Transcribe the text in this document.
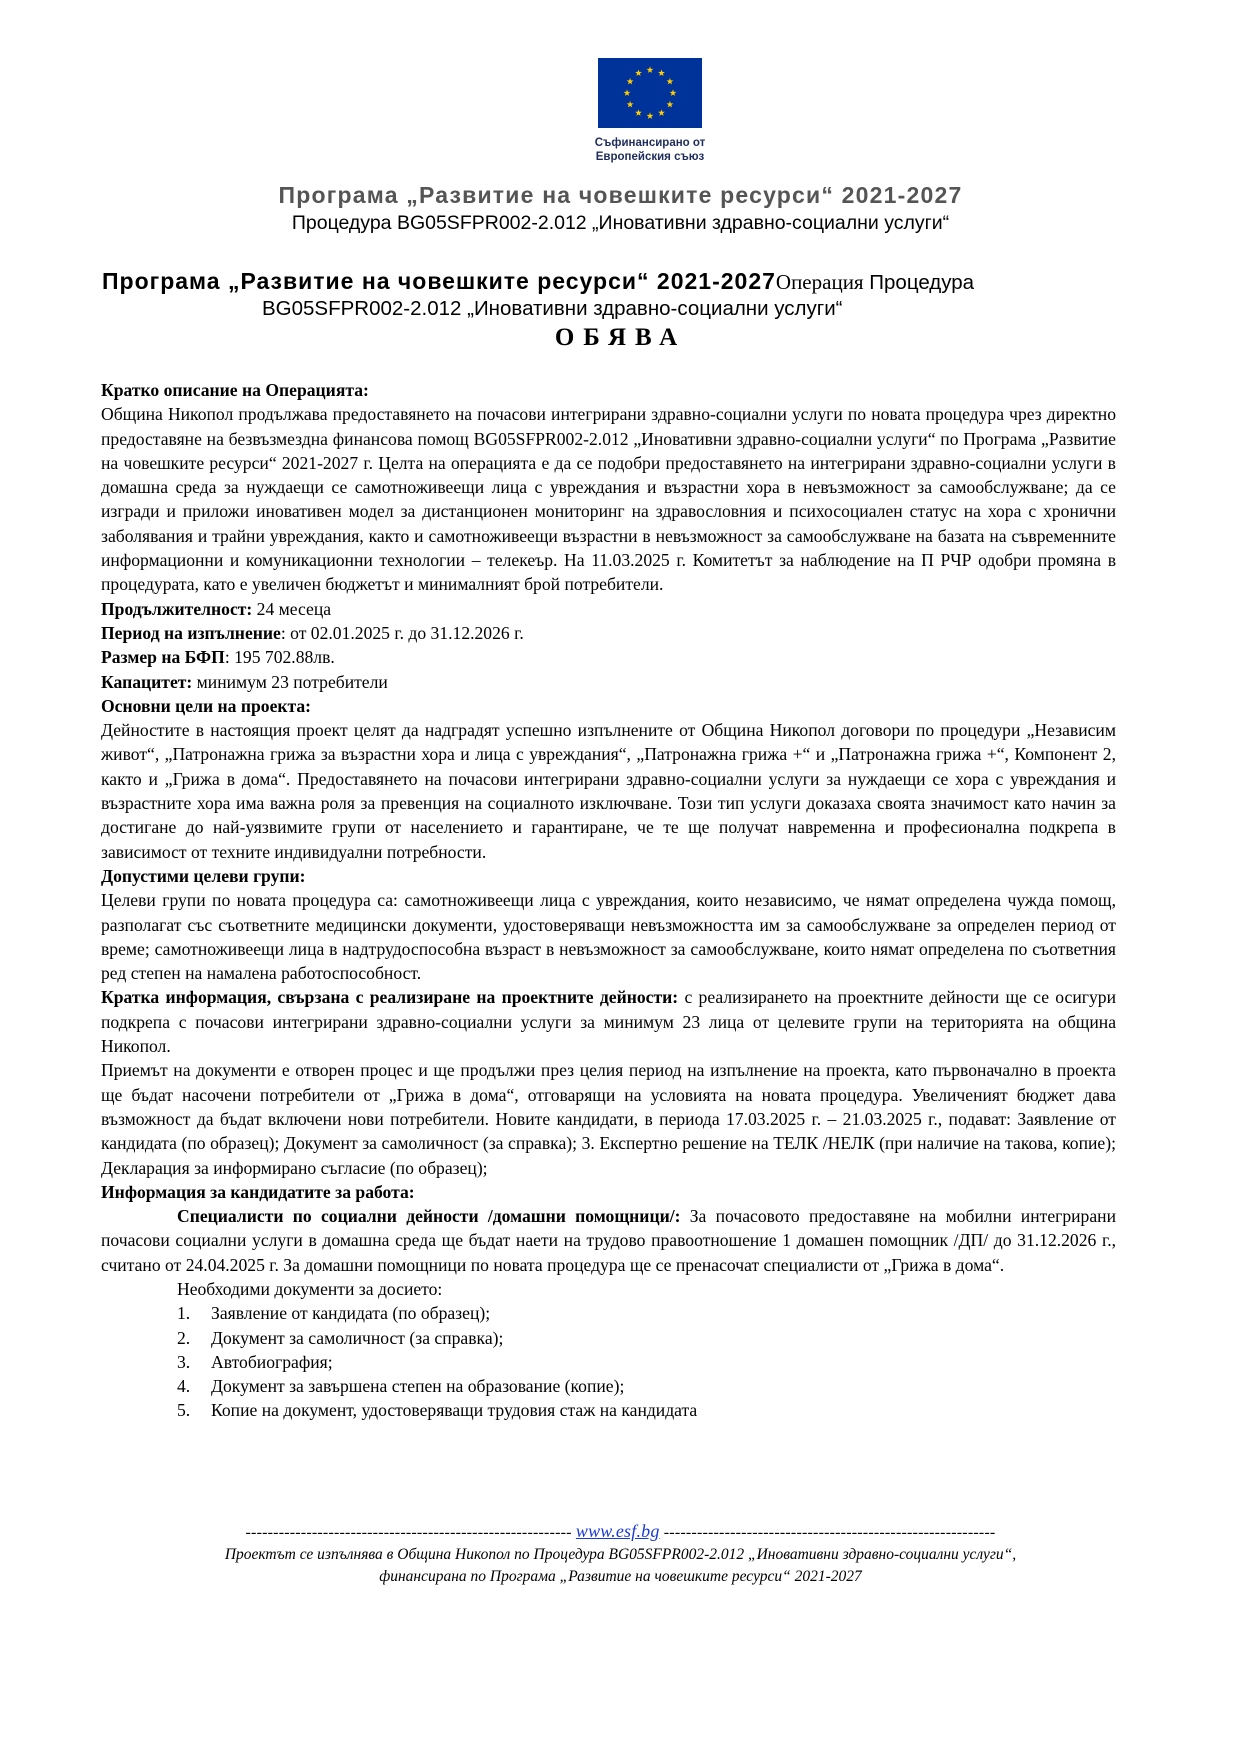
Съфинансирано от
Европейския съюз
Програма „Развитие на човешките ресурси“ 2021-2027
Процедура BG05SFPR002-2.012 „Иновативни здравно-социални услуги“
Програма „Развитие на човешките ресурси“ 2021-2027Операция Процедура
BG05SFPR002-2.012 „Иновативни здравно-социални услуги“
ОБЯВА

Кратко описание на Операцията:

Община Никопол продължава предоставянето на почасови интегрирани здравно-социални услуги по новата процедура чрез директно предоставяне на безвъзмездна финансова помощ BG05SFPR002-2.012 „Иновативни здравно-социални услуги“ по Програма „Развитие на човешките ресурси“ 2021-2027 г. Целта на операцията е да се подобри предоставянето на интегрирани здравно-социални услуги в домашна среда за нуждаещи се самотноживеещи лица с увреждания и възрастни хора в невъзможност за самообслужване; да се изгради и приложи иновативен модел за дистанционен мониторинг на здравословния и психосоциален статус на хора с хронични заболявания и трайни увреждания, както и самотноживеещи възрастни в невъзможност за самообслужване на базата на съвременните информационни и комуникационни технологии – телекеър. На 11.03.2025 г. Комитетът за наблюдение на П РЧР одобри промяна в процедурата, като е увеличен бюджетът и минималният брой потребители.

Продължителност: 24 месеца

Период на изпълнение: от 02.01.2025 г. до 31.12.2026 г.

Размер на БФП: 195 702.88лв.

Капацитет: минимум 23 потребители

Основни цели на проекта:

Дейностите в настоящия проект целят да надградят успешно изпълнените от Община Никопол договори по процедури „Независим живот“, „Патронажна грижа за възрастни хора и лица с увреждания“, „Патронажна грижа +“ и „Патронажна грижа +“, Компонент 2, както и „Грижа в дома“. Предоставянето на почасови интегрирани здравно-социални услуги за нуждаещи се хора с увреждания и възрастните хора има важна роля за превенция на социалното изключване. Този тип услуги доказаха своята значимост като начин за достигане до най-уязвимите групи от населението и гарантиране, че те ще получат навременна и професионална подкрепа в зависимост от техните индивидуални потребности.

Допустими целеви групи:

Целеви групи по новата процедура са: самотноживеещи лица с увреждания, които независимо, че нямат определена чужда помощ, разполагат със съответните медицински документи, удостоверяващи невъзможността им за самообслужване за определен период от време; самотноживеещи лица в надтрудоспособна възраст в невъзможност за самообслужване, които нямат определена по съответния ред степен на намалена работоспособност.

Кратка информация, свързана с реализиране на проектните дейности: с реализирането на проектните дейности ще се осигури подкрепа с почасови интегрирани здравно-социални услуги за минимум 23 лица от целевите групи на територията на община Никопол.

Приемът на документи е отворен процес и ще продължи през целия период на изпълнение на проекта, като първоначално в проекта ще бъдат насочени потребители от „Грижа в дома“, отговарящи на условията на новата процедура. Увеличеният бюджет дава възможност да бъдат включени нови потребители. Новите кандидати, в периода 17.03.2025 г. – 21.03.2025 г., подават: Заявление от кандидата (по образец); Документ за самоличност (за справка); 3. Експертно решение на ТЕЛК /НЕЛК (при наличие на такова, копие); Декларация за информирано съгласие (по образец);

Информация за кандидатите за работа:

Специалисти по социални дейности /домашни помощници/: За почасовото предоставяне на мобилни интегрирани почасови социални услуги в домашна среда ще бъдат наети на трудово правоотношение 1 домашен помощник /ДП/ до 31.12.2026 г., считано от 24.04.2025 г. За домашни помощници по новата процедура ще се пренасочат специалисти от „Грижа в дома“.

Необходими документи за досието:

1. Заявление от кандидата (по образец);
2. Документ за самоличност (за справка);
3. Автобиография;
4. Документ за завършена степен на образование (копие);
5. Копие на документ, удостоверяващи трудовия стаж на кандидата
----------------------------------------------------------- www.esf.bg ------------------------------------------------------------
Проектът се изпълнява в Община Никопол по Процедура BG05SFPR002-2.012 „Иновативни здравно-социални услуги“,
финансирана по Програма „Развитие на човешките ресурси“ 2021-2027
